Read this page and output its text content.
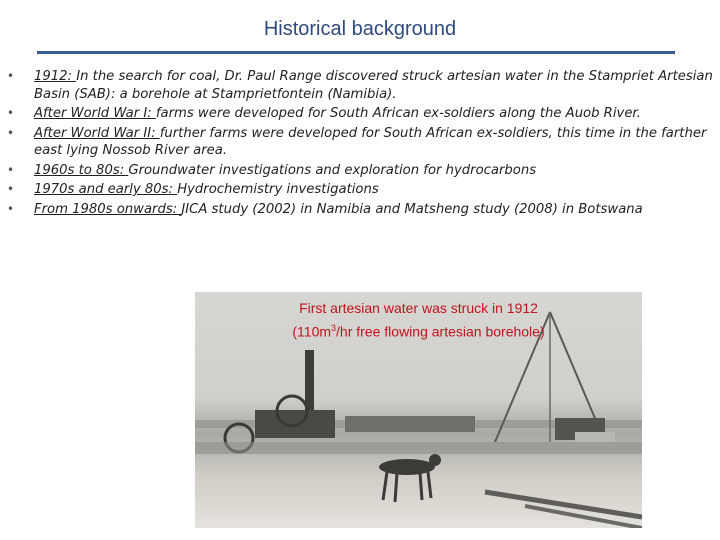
Historical background
• 1912: In the search for coal, Dr. Paul Range discovered struck artesian water in the Stampriet Artesian Basin (SAB): a borehole at Stampriet​fontein (Namibia).
• After World War I: farms were developed for South African ex-soldiers along the Auob River.
• After World War II: further farms were developed for South African ex-soldiers, this time in the farther east lying Nossob River area.
• 1960s to 80s: Groundwater investigations and exploration for hydrocarbons
• 1970s and early 80s: Hydrochemistry investigations
• From 1980s onwards: JICA study (2002) in Namibia and Matsheng study (2008) in Botswana
First artesian water was struck in 1912
($110m^3/hr$ free flowing artesian borehole)
